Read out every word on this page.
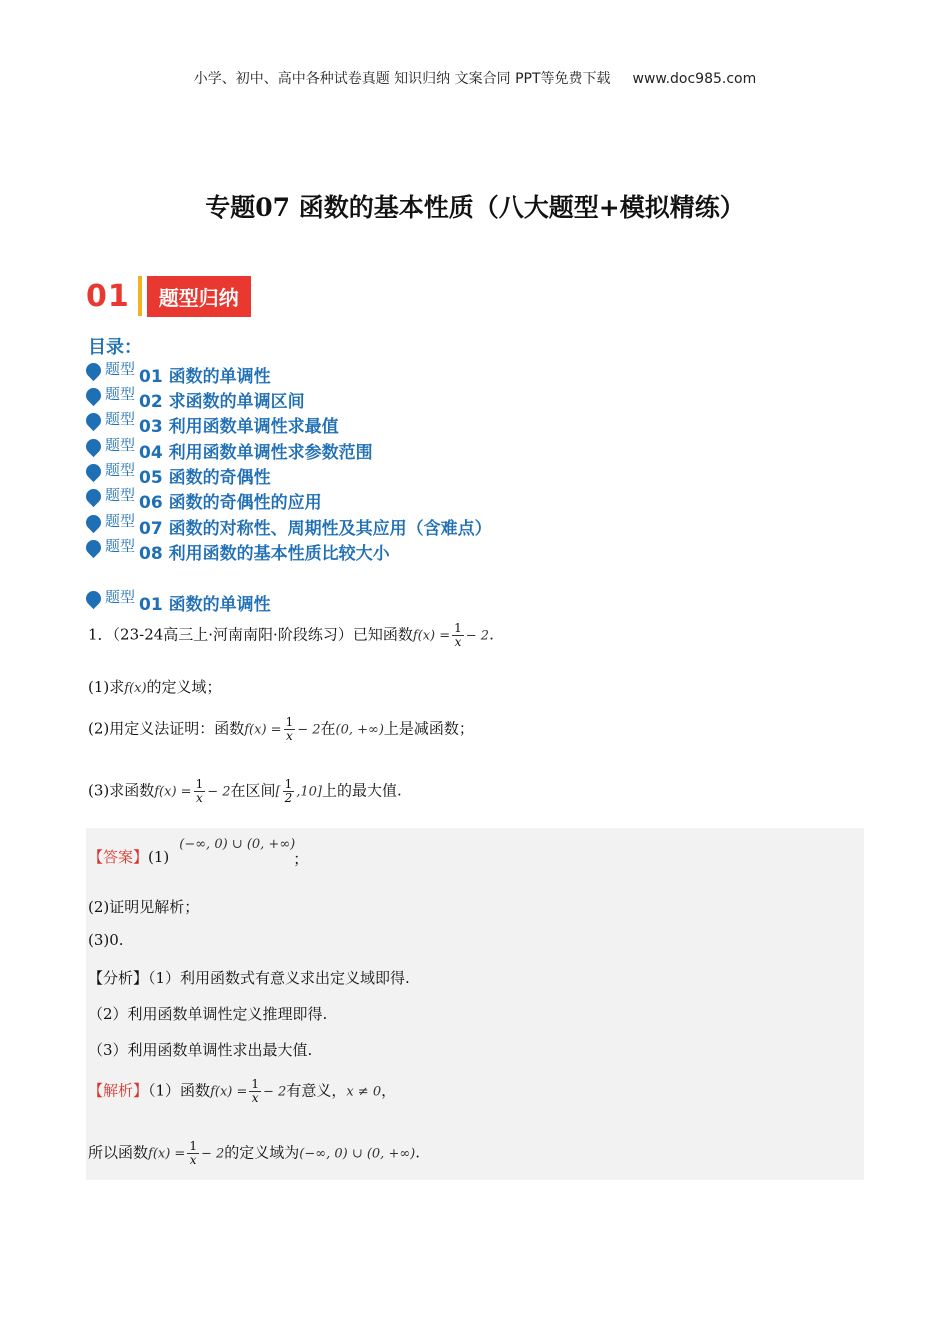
小学、初中、高中各种试卷真题 知识归纳 文案合同 PPT等免费下载 www.doc985.com
专题07 函数的基本性质（八大题型+模拟精练）
01	题型归纳
目录：
题型 01 函数的单调性
题型 02 求函数的单调区间
题型 03 利用函数单调性求最值
题型 04 利用函数单调性求参数范围
题型 05 函数的奇偶性
题型 06 函数的奇偶性的应用
题型 07 函数的对称性、周期性及其应用（含难点）
题型 08 利用函数的基本性质比较大小
题型 01 函数的单调性
1．（23-24高三上·河南南阳·阶段练习）已知函数$f(x) = \frac{1}{x} - 2$.
(1)求f(x)的定义域；
(2)用定义法证明：函数$f(x) = \frac{1}{x} - 2$在(0, +∞)上是减函数；
(3)求函数$f(x) = \frac{1}{x} - 2$在区间[ $\frac{1}{2} ,10$]上的最大值.
【答案】(1)(−∞, 0) ∪ (0, +∞)；
(2)证明见解析；
(3)0.
【分析】（1）利用函数式有意义求出定义域即得.
（2）利用函数单调性定义推理即得.
（3）利用函数单调性求出最大值.
【解析】（1）函数$f(x) = \frac{1}{x} - 2$有意义，x ≠ 0，
所以函数$f(x) = \frac{1}{x} - 2$的定义域为(−∞, 0) ∪ (0, +∞).
